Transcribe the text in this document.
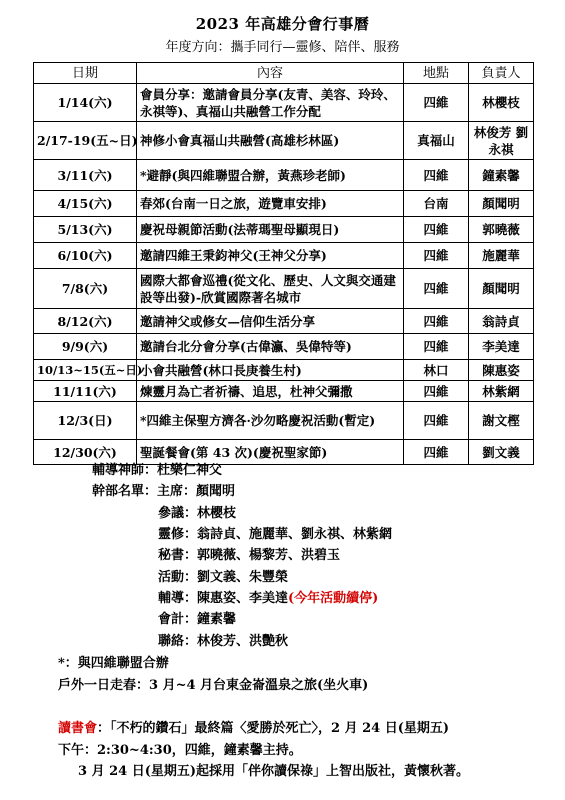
2023 年高雄分會行事曆
年度方向：攜手同行—靈修、陪伴、服務
日期	內容	地點	負責人
1/14(六)	會員分享：邀請會員分享(友青、美容、玲玲、永祺等)、真福山共融營工作分配	四維	林櫻枝
2/17-19(五~日)	神修小會真福山共融營(高雄杉林區)	真福山	林俊芳 劉永祺
3/11(六)	*避靜(與四維聯盟合辦，黃燕珍老師)	四維	鐘素馨
4/15(六)	春郊(台南一日之旅，遊覽車安排)	台南	顏聞明
5/13(六)	慶祝母親節活動(法蒂瑪聖母顯現日)	四維	郭曉薇
6/10(六)	邀請四維王秉鈞神父(王神父分享)	四維	施麗華
7/8(六)	國際大都會巡禮(從文化、歷史、人文與交通建設等出發)-欣賞國際著名城市	四維	顏聞明
8/12(六)	邀請神父或修女—信仰生活分享	四維	翁詩貞
9/9(六)	邀請台北分會分享(古偉瀛、吳偉特等)	四維	李美達
10/13~15(五~日)	小會共融營(林口長庚養生村)	林口	陳惠姿
11/11(六)	煉靈月為亡者祈禱、追思，杜神父彌撒	四維	林紫網
12/3(日)	*四維主保聖方濟各·沙勿略慶祝活動(暫定)	四維	謝文樫
12/30(六)	聖誕餐會(第 43 次)(慶祝聖家節)	四維	劉文義
輔導神師：杜樂仁神父
幹部名單：主席：顏聞明
參議：林櫻枝
靈修：翁詩貞、施麗華、劉永祺、林紫網
秘書：郭曉薇、楊黎芳、洪碧玉
活動：劉文義、朱豐榮
輔導：陳惠姿、李美達(今年活動續停)
會計：鐘素馨
聯絡：林俊芳、洪艷秋
*：與四維聯盟合辦
戶外一日走春：3 月~4 月台東金崙溫泉之旅(坐火車)
讀書會：「不朽的鑽石」最終篇〈愛勝於死亡〉，2 月 24 日(星期五)
下午：2:30~4:30，四維，鐘素馨主持。
3 月 24 日(星期五)起採用「伴你讀保祿」上智出版社，黃懷秋著。
